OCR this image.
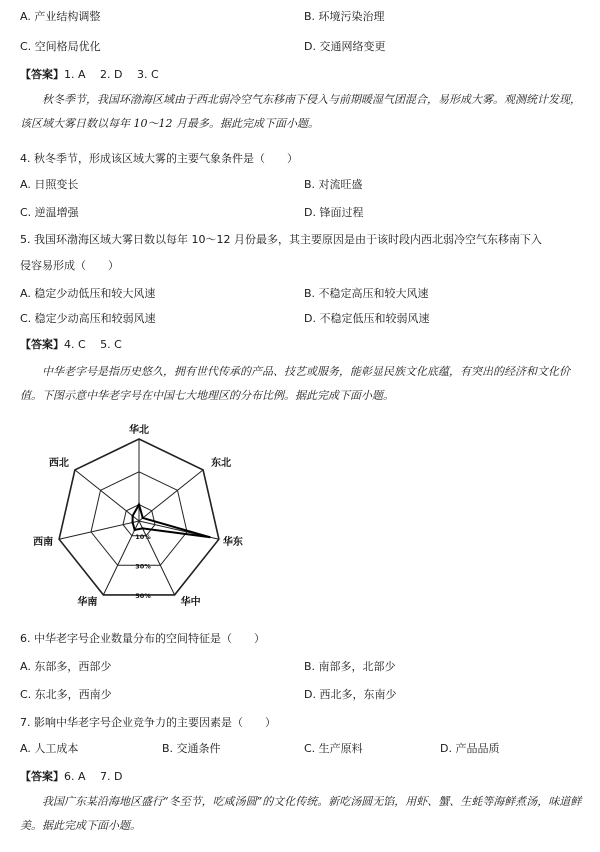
A. 产业结构调整	B. 环境污染治理
C. 空间格局优化	D. 交通网络变更
【答案】1. A　 2. D　 3. C
秋冬季节，我国环渤海区域由于西北弱冷空气东移南下侵入与前期暖湿气团混合，易形成大雾。观测统计发现，该区域大雾日数以每年 10～12 月最多。据此完成下面小题。
4. 秋冬季节，形成该区域大雾的主要气象条件是（　　）
A. 日照变长	B. 对流旺盛
C. 逆温增强	D. 锋面过程
5. 我国环渤海区域大雾日数以每年 10～12 月份最多，其主要原因是由于该时段内西北弱冷空气东移南下入
侵容易形成（　　）
A. 稳定少动低压和较大风速	B. 不稳定高压和较大风速
C. 稳定少动高压和较弱风速	D. 不稳定低压和较弱风速
【答案】4. C　 5. C
中华老字号是指历史悠久，拥有世代传承的产品、技艺或服务，能彰显民族文化底蕴，有突出的经济和文化价值。下图示意中华老字号在中国七大地理区的分布比例。据此完成下面小题。
10%
30%
50%
华北
东北
华东
华中
华南
西南
西北
6. 中华老字号企业数量分布的空间特征是（　　）
A. 东部多，西部少	B. 南部多，北部少
C. 东北多，西南少	D. 西北多，东南少
7. 影响中华老字号企业竞争力的主要因素是（　　）
A. 人工成本	B. 交通条件	C. 生产原料	D. 产品品质
【答案】6. A　 7. D
我国广东某沿海地区盛行“冬至节，吃咸汤圆”的文化传统。新吃汤圆无馅，用虾、蟹、生蚝等海鲜煮汤，味道鲜美。据此完成下面小题。
